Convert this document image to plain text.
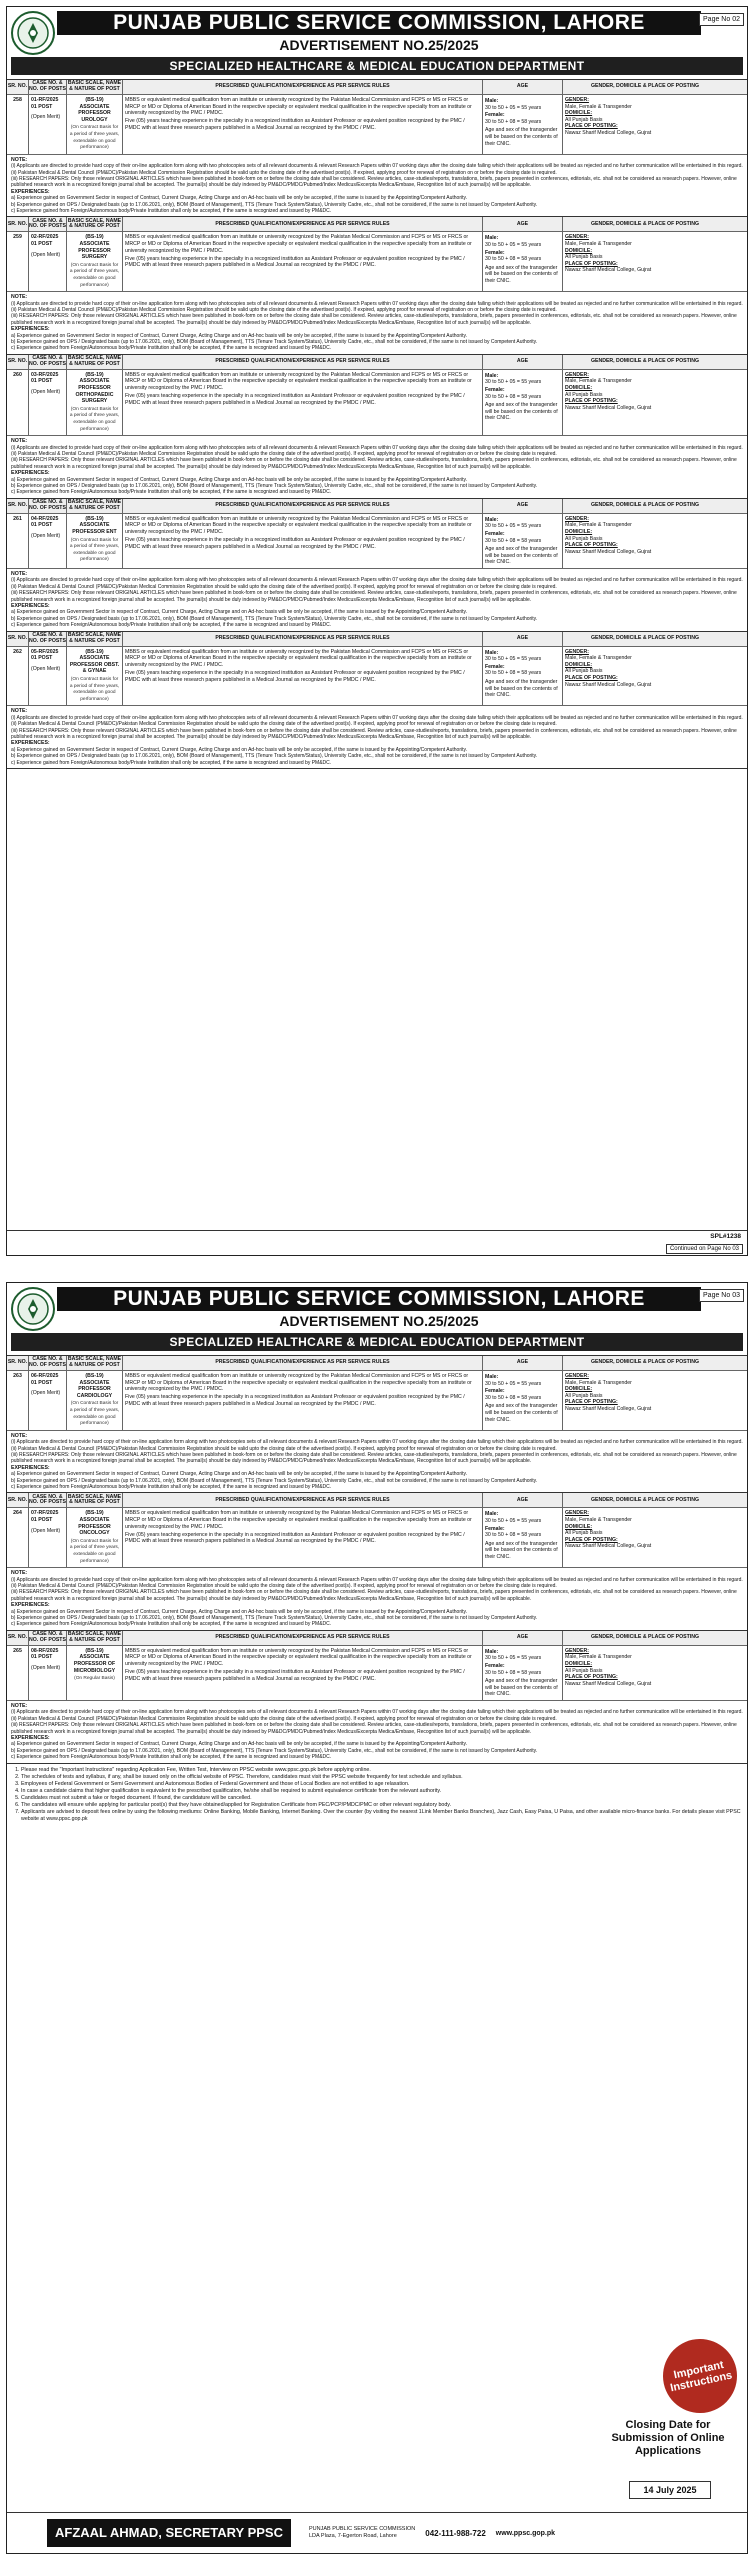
PUNJAB PUBLIC SERVICE COMMISSION, LAHORE	Page No 02
ADVERTISEMENT NO.25/2025
SPECIALIZED HEALTHCARE & MEDICAL EDUCATION DEPARTMENT
SR. NO.	CASE NO. & NO. OF POSTS
BASIC SCALE, NAME & NATURE OF POST	PRESCRIBED QUALIFICATION/EXPERIENCE AS PER SERVICE RULES	AGE	GENDER, DOMICILE & PLACE OF POSTING
258	01-RF/2025
01 POST
(Open Merit)
(BS-19)
ASSOCIATE PROFESSOR UROLOGY
(On Contract Basis for a period of three years, extendable on good performance)

MBBS or equivalent medical qualification from an institute or university recognized by the Pakistan Medical Commission and FCPS or MS or FRCS or MRCP or MD or Diploma of American Board in the respective specialty or equivalent medical qualification in the respective specialty from an institute or university recognized by the PMC / PMDC.

Five (05) years teaching experience in the specialty in a recognized institution as Assistant Professor or equivalent position recognized by the PMC / PMDC with at least three research papers published in a Medical Journal as recognized by the PMDC / PMC.

Male:
30 to 50 + 05 = 55 years
Female:
30 to 50 + 08 = 58 years
Age and sex of the transgender will be based on the contents of their CNIC.
GENDER:
Male, Female & Transgender
DOMICILE:
All Punjab Basis
PLACE OF POSTING:
Nawaz Sharif Medical College, Gujrat
NOTE:

(i) Applicants are directed to provide hard copy of their on-line application form along with two photocopies sets of all relevant documents & relevant Research Papers within 07 working days after the closing date failing which their applications will be treated as rejected and no further communication will be entertained in this regard.

(ii) Pakistan Medical & Dental Council (PM&DC)/Pakistan Medical Commission Registration should be valid upto the closing date of the advertised post(s). If expired, applying proof for renewal of registration on or before the closing date is required.

(iii) RESEARCH PAPERS: Only those relevant ORIGINAL ARTICLES which have been published in book-form on or before the closing date shall be considered. Review articles, case-studies/reports, translations, briefs, papers presented in conferences, editorials, etc. shall not be considered as research papers. However, online published research work in a recognized foreign journal shall be accepted. The journal(s) should be duly indexed by PM&DC/PMDC/Pubmed/Index Medicus/Excerpta Medica/Embase, Recognition list of such journal(s) will be applicable.

EXPERIENCES:

a) Experience gained on Government Sector in respect of Contract, Current Charge, Acting Charge and on Ad-hoc basis will be only be accepted, if the same is issued by the Appointing/Competent Authority.

b) Experience gained on OPS / Designated basis (up to 17.06.2021, only), BOM (Board of Management), TTS (Tenure Track System/Status), University Cadre, etc., shall not be considered, if the same is not issued by Competent Authority.

c) Experience gained from Foreign/Autonomous body/Private Institution shall only be accepted, if the same is recognized and issued by PM&DC.

SR. NO.	CASE NO. & NO. OF POSTS
BASIC SCALE, NAME & NATURE OF POST	PRESCRIBED QUALIFICATION/EXPERIENCE AS PER SERVICE RULES	AGE	GENDER, DOMICILE & PLACE OF POSTING
259	02-RF/2025
01 POST
(Open Merit)
(BS-19)
ASSOCIATE PROFESSOR SURGERY
(On Contract Basis for a period of three years, extendable on good performance)

MBBS or equivalent medical qualification from an institute or university recognized by the Pakistan Medical Commission and FCPS or MS or FRCS or MRCP or MD or Diploma of American Board in the respective specialty or equivalent medical qualification in the respective specialty from an institute or university recognized by the PMC / PMDC.

Five (05) years teaching experience in the specialty in a recognized institution as Assistant Professor or equivalent position recognized by the PMC / PMDC with at least three research papers published in a Medical Journal as recognized by the PMDC / PMC.

Male:
30 to 50 + 05 = 55 years
Female:
30 to 50 + 08 = 58 years
Age and sex of the transgender will be based on the contents of their CNIC.
GENDER:
Male, Female & Transgender
DOMICILE:
All Punjab Basis
PLACE OF POSTING:
Nawaz Sharif Medical College, Gujrat
NOTE:

(i) Applicants are directed to provide hard copy of their on-line application form along with two photocopies sets of all relevant documents & relevant Research Papers within 07 working days after the closing date failing which their applications will be treated as rejected and no further communication will be entertained in this regard.

(ii) Pakistan Medical & Dental Council (PM&DC)/Pakistan Medical Commission Registration should be valid upto the closing date of the advertised post(s). If expired, applying proof for renewal of registration on or before the closing date is required.

(iii) RESEARCH PAPERS: Only those relevant ORIGINAL ARTICLES which have been published in book-form on or before the closing date shall be considered. Review articles, case-studies/reports, translations, briefs, papers presented in conferences, editorials, etc. shall not be considered as research papers. However, online published research work in a recognized foreign journal shall be accepted. The journal(s) should be duly indexed by PM&DC/PMDC/Pubmed/Index Medicus/Excerpta Medica/Embase, Recognition list of such journal(s) will be applicable.

EXPERIENCES:

a) Experience gained on Government Sector in respect of Contract, Current Charge, Acting Charge and on Ad-hoc basis will be only be accepted, if the same is issued by the Appointing/Competent Authority.

b) Experience gained on OPS / Designated basis (up to 17.06.2021, only), BOM (Board of Management), TTS (Tenure Track System/Status), University Cadre, etc., shall not be considered, if the same is not issued by Competent Authority.

c) Experience gained from Foreign/Autonomous body/Private Institution shall only be accepted, if the same is recognized and issued by PM&DC.

SR. NO.	CASE NO. & NO. OF POSTS
BASIC SCALE, NAME & NATURE OF POST	PRESCRIBED QUALIFICATION/EXPERIENCE AS PER SERVICE RULES	AGE	GENDER, DOMICILE & PLACE OF POSTING
260	03-RF/2025
01 POST
(Open Merit)
(BS-19)
ASSOCIATE PROFESSOR ORTHOPAEDIC SURGERY
(On Contract Basis for a period of three years, extendable on good performance)

MBBS or equivalent medical qualification from an institute or university recognized by the Pakistan Medical Commission and FCPS or MS or FRCS or MRCP or MD or Diploma of American Board in the respective specialty or equivalent medical qualification in the respective specialty from an institute or university recognized by the PMC / PMDC.

Five (05) years teaching experience in the specialty in a recognized institution as Assistant Professor or equivalent position recognized by the PMC / PMDC with at least three research papers published in a Medical Journal as recognized by the PMDC / PMC.

Male:
30 to 50 + 05 = 55 years
Female:
30 to 50 + 08 = 58 years
Age and sex of the transgender will be based on the contents of their CNIC.
GENDER:
Male, Female & Transgender
DOMICILE:
All Punjab Basis
PLACE OF POSTING:
Nawaz Sharif Medical College, Gujrat
NOTE:

(i) Applicants are directed to provide hard copy of their on-line application form along with two photocopies sets of all relevant documents & relevant Research Papers within 07 working days after the closing date failing which their applications will be treated as rejected and no further communication will be entertained in this regard.

(ii) Pakistan Medical & Dental Council (PM&DC)/Pakistan Medical Commission Registration should be valid upto the closing date of the advertised post(s). If expired, applying proof for renewal of registration on or before the closing date is required.

(iii) RESEARCH PAPERS: Only those relevant ORIGINAL ARTICLES which have been published in book-form on or before the closing date shall be considered. Review articles, case-studies/reports, translations, briefs, papers presented in conferences, editorials, etc. shall not be considered as research papers. However, online published research work in a recognized foreign journal shall be accepted. The journal(s) should be duly indexed by PM&DC/PMDC/Pubmed/Index Medicus/Excerpta Medica/Embase, Recognition list of such journal(s) will be applicable.

EXPERIENCES:

a) Experience gained on Government Sector in respect of Contract, Current Charge, Acting Charge and on Ad-hoc basis will be only be accepted, if the same is issued by the Appointing/Competent Authority.

b) Experience gained on OPS / Designated basis (up to 17.06.2021, only), BOM (Board of Management), TTS (Tenure Track System/Status), University Cadre, etc., shall not be considered, if the same is not issued by Competent Authority.

c) Experience gained from Foreign/Autonomous body/Private Institution shall only be accepted, if the same is recognized and issued by PM&DC.

SR. NO.	CASE NO. & NO. OF POSTS
BASIC SCALE, NAME & NATURE OF POST	PRESCRIBED QUALIFICATION/EXPERIENCE AS PER SERVICE RULES	AGE	GENDER, DOMICILE & PLACE OF POSTING
261	04-RF/2025
01 POST
(Open Merit)
(BS-19)
ASSOCIATE PROFESSOR ENT
(On Contract Basis for a period of three years, extendable on good performance)

MBBS or equivalent medical qualification from an institute or university recognized by the Pakistan Medical Commission and FCPS or MS or FRCS or MRCP or MD or Diploma of American Board in the respective specialty or equivalent medical qualification in the respective specialty from an institute or university recognized by the PMC / PMDC.

Five (05) years teaching experience in the specialty in a recognized institution as Assistant Professor or equivalent position recognized by the PMC / PMDC with at least three research papers published in a Medical Journal as recognized by the PMDC / PMC.

Male:
30 to 50 + 05 = 55 years
Female:
30 to 50 + 08 = 58 years
Age and sex of the transgender will be based on the contents of their CNIC.
GENDER:
Male, Female & Transgender
DOMICILE:
All Punjab Basis
PLACE OF POSTING:
Nawaz Sharif Medical College, Gujrat
NOTE:

(i) Applicants are directed to provide hard copy of their on-line application form along with two photocopies sets of all relevant documents & relevant Research Papers within 07 working days after the closing date failing which their applications will be treated as rejected and no further communication will be entertained in this regard.

(ii) Pakistan Medical & Dental Council (PM&DC)/Pakistan Medical Commission Registration should be valid upto the closing date of the advertised post(s). If expired, applying proof for renewal of registration on or before the closing date is required.

(iii) RESEARCH PAPERS: Only those relevant ORIGINAL ARTICLES which have been published in book-form on or before the closing date shall be considered. Review articles, case-studies/reports, translations, briefs, papers presented in conferences, editorials, etc. shall not be considered as research papers. However, online published research work in a recognized foreign journal shall be accepted. The journal(s) should be duly indexed by PM&DC/PMDC/Pubmed/Index Medicus/Excerpta Medica/Embase, Recognition list of such journal(s) will be applicable.

EXPERIENCES:

a) Experience gained on Government Sector in respect of Contract, Current Charge, Acting Charge and on Ad-hoc basis will be only be accepted, if the same is issued by the Appointing/Competent Authority.

b) Experience gained on OPS / Designated basis (up to 17.06.2021, only), BOM (Board of Management), TTS (Tenure Track System/Status), University Cadre, etc., shall not be considered, if the same is not issued by Competent Authority.

c) Experience gained from Foreign/Autonomous body/Private Institution shall only be accepted, if the same is recognized and issued by PM&DC.

SR. NO.	CASE NO. & NO. OF POSTS
BASIC SCALE, NAME & NATURE OF POST	PRESCRIBED QUALIFICATION/EXPERIENCE AS PER SERVICE RULES	AGE	GENDER, DOMICILE & PLACE OF POSTING
262	05-RF/2025
01 POST
(Open Merit)
(BS-19)
ASSOCIATE PROFESSOR OBST. & GYNAE
(On Contract Basis for a period of three years, extendable on good performance)

MBBS or equivalent medical qualification from an institute or university recognized by the Pakistan Medical Commission and FCPS or MS or FRCS or MRCP or MD or Diploma of American Board in the respective specialty or equivalent medical qualification in the respective specialty from an institute or university recognized by the PMC / PMDC.

Five (05) years teaching experience in the specialty in a recognized institution as Assistant Professor or equivalent position recognized by the PMC / PMDC with at least three research papers published in a Medical Journal as recognized by the PMDC / PMC.

Male:
30 to 50 + 05 = 55 years
Female:
30 to 50 + 08 = 58 years
Age and sex of the transgender will be based on the contents of their CNIC.
GENDER:
Male, Female & Transgender
DOMICILE:
All Punjab Basis
PLACE OF POSTING:
Nawaz Sharif Medical College, Gujrat
NOTE:

(i) Applicants are directed to provide hard copy of their on-line application form along with two photocopies sets of all relevant documents & relevant Research Papers within 07 working days after the closing date failing which their applications will be treated as rejected and no further communication will be entertained in this regard.

(ii) Pakistan Medical & Dental Council (PM&DC)/Pakistan Medical Commission Registration should be valid upto the closing date of the advertised post(s). If expired, applying proof for renewal of registration on or before the closing date is required.

(iii) RESEARCH PAPERS: Only those relevant ORIGINAL ARTICLES which have been published in book-form on or before the closing date shall be considered. Review articles, case-studies/reports, translations, briefs, papers presented in conferences, editorials, etc. shall not be considered as research papers. However, online published research work in a recognized foreign journal shall be accepted. The journal(s) should be duly indexed by PM&DC/PMDC/Pubmed/Index Medicus/Excerpta Medica/Embase, Recognition list of such journal(s) will be applicable.

EXPERIENCES:

a) Experience gained on Government Sector in respect of Contract, Current Charge, Acting Charge and on Ad-hoc basis will be only be accepted, if the same is issued by the Appointing/Competent Authority.

b) Experience gained on OPS / Designated basis (up to 17.06.2021, only), BOM (Board of Management), TTS (Tenure Track System/Status), University Cadre, etc., shall not be considered, if the same is not issued by Competent Authority.

c) Experience gained from Foreign/Autonomous body/Private Institution shall only be accepted, if the same is recognized and issued by PM&DC.

SPL#1238
Continued on Page No 03
PUNJAB PUBLIC SERVICE COMMISSION, LAHORE	Page No 03
ADVERTISEMENT NO.25/2025
SPECIALIZED HEALTHCARE & MEDICAL EDUCATION DEPARTMENT
SR. NO.	CASE NO. & NO. OF POSTS
BASIC SCALE, NAME & NATURE OF POST	PRESCRIBED QUALIFICATION/EXPERIENCE AS PER SERVICE RULES	AGE	GENDER, DOMICILE & PLACE OF POSTING
263	06-RF/2025
01 POST
(Open Merit)
(BS-19)
ASSOCIATE PROFESSOR CARDIOLOGY
(On Contract Basis for a period of three years, extendable on good performance)

MBBS or equivalent medical qualification from an institute or university recognized by the Pakistan Medical Commission and FCPS or MS or FRCS or MRCP or MD or Diploma of American Board in the respective specialty or equivalent medical qualification in the respective specialty from an institute or university recognized by the PMC / PMDC.

Five (05) years teaching experience in the specialty in a recognized institution as Assistant Professor or equivalent position recognized by the PMC / PMDC with at least three research papers published in a Medical Journal as recognized by the PMDC / PMC.

Male:
30 to 50 + 05 = 55 years
Female:
30 to 50 + 08 = 58 years
Age and sex of the transgender will be based on the contents of their CNIC.
GENDER:
Male, Female & Transgender
DOMICILE:
All Punjab Basis
PLACE OF POSTING:
Nawaz Sharif Medical College, Gujrat
NOTE:

(i) Applicants are directed to provide hard copy of their on-line application form along with two photocopies sets of all relevant documents & relevant Research Papers within 07 working days after the closing date failing which their applications will be treated as rejected and no further communication will be entertained in this regard.

(ii) Pakistan Medical & Dental Council (PM&DC)/Pakistan Medical Commission Registration should be valid upto the closing date of the advertised post(s). If expired, applying proof for renewal of registration on or before the closing date is required.

(iii) RESEARCH PAPERS: Only those relevant ORIGINAL ARTICLES which have been published in book-form on or before the closing date shall be considered. Review articles, case-studies/reports, translations, briefs, papers presented in conferences, editorials, etc. shall not be considered as research papers. However, online published research work in a recognized foreign journal shall be accepted. The journal(s) should be duly indexed by PM&DC/PMDC/Pubmed/Index Medicus/Excerpta Medica/Embase, Recognition list of such journal(s) will be applicable.

EXPERIENCES:

a) Experience gained on Government Sector in respect of Contract, Current Charge, Acting Charge and on Ad-hoc basis will be only be accepted, if the same is issued by the Appointing/Competent Authority.

b) Experience gained on OPS / Designated basis (up to 17.06.2021, only), BOM (Board of Management), TTS (Tenure Track System/Status), University Cadre, etc., shall not be considered, if the same is not issued by Competent Authority.

c) Experience gained from Foreign/Autonomous body/Private Institution shall only be accepted, if the same is recognized and issued by PM&DC.

SR. NO.	CASE NO. & NO. OF POSTS
BASIC SCALE, NAME & NATURE OF POST	PRESCRIBED QUALIFICATION/EXPERIENCE AS PER SERVICE RULES	AGE	GENDER, DOMICILE & PLACE OF POSTING
264	07-RF/2025
01 POST
(Open Merit)
(BS-19)
ASSOCIATE PROFESSOR ONCOLOGY
(On Contract Basis for a period of three years, extendable on good performance)

MBBS or equivalent medical qualification from an institute or university recognized by the Pakistan Medical Commission and FCPS or MS or FRCS or MRCP or MD or Diploma of American Board in the respective specialty or equivalent medical qualification in the respective specialty from an institute or university recognized by the PMC / PMDC.

Five (05) years teaching experience in the specialty in a recognized institution as Assistant Professor or equivalent position recognized by the PMC / PMDC with at least three research papers published in a Medical Journal as recognized by the PMDC / PMC.

Male:
30 to 50 + 05 = 55 years
Female:
30 to 50 + 08 = 58 years
Age and sex of the transgender will be based on the contents of their CNIC.
GENDER:
Male, Female & Transgender
DOMICILE:
All Punjab Basis
PLACE OF POSTING:
Nawaz Sharif Medical College, Gujrat
NOTE:

(i) Applicants are directed to provide hard copy of their on-line application form along with two photocopies sets of all relevant documents & relevant Research Papers within 07 working days after the closing date failing which their applications will be treated as rejected and no further communication will be entertained in this regard.

(ii) Pakistan Medical & Dental Council (PM&DC)/Pakistan Medical Commission Registration should be valid upto the closing date of the advertised post(s). If expired, applying proof for renewal of registration on or before the closing date is required.

(iii) RESEARCH PAPERS: Only those relevant ORIGINAL ARTICLES which have been published in book-form on or before the closing date shall be considered. Review articles, case-studies/reports, translations, briefs, papers presented in conferences, editorials, etc. shall not be considered as research papers. However, online published research work in a recognized foreign journal shall be accepted. The journal(s) should be duly indexed by PM&DC/PMDC/Pubmed/Index Medicus/Excerpta Medica/Embase, Recognition list of such journal(s) will be applicable.

EXPERIENCES:

a) Experience gained on Government Sector in respect of Contract, Current Charge, Acting Charge and on Ad-hoc basis will be only be accepted, if the same is issued by the Appointing/Competent Authority.

b) Experience gained on OPS / Designated basis (up to 17.06.2021, only), BOM (Board of Management), TTS (Tenure Track System/Status), University Cadre, etc., shall not be considered, if the same is not issued by Competent Authority.

c) Experience gained from Foreign/Autonomous body/Private Institution shall only be accepted, if the same is recognized and issued by PM&DC.

SR. NO.	CASE NO. & NO. OF POSTS
BASIC SCALE, NAME & NATURE OF POST	PRESCRIBED QUALIFICATION/EXPERIENCE AS PER SERVICE RULES	AGE	GENDER, DOMICILE & PLACE OF POSTING
265	08-RF/2025
01 POST
(Open Merit)
(BS-19)
ASSOCIATE PROFESSOR OF MICROBIOLOGY
(On Regular Basis)

MBBS or equivalent medical qualification from an institute or university recognized by the Pakistan Medical Commission and FCPS or MS or FRCS or MRCP or MD or Diploma of American Board in the respective specialty or equivalent medical qualification in the respective specialty from an institute or university recognized by the PMC / PMDC.

Five (05) years teaching experience in the specialty in a recognized institution as Assistant Professor or equivalent position recognized by the PMC / PMDC with at least three research papers published in a Medical Journal as recognized by the PMDC / PMC.

Male:
30 to 50 + 05 = 55 years
Female:
30 to 50 + 08 = 58 years
Age and sex of the transgender will be based on the contents of their CNIC.
GENDER:
Male, Female & Transgender
DOMICILE:
All Punjab Basis
PLACE OF POSTING:
Nawaz Sharif Medical College, Gujrat
NOTE:

(i) Applicants are directed to provide hard copy of their on-line application form along with two photocopies sets of all relevant documents & relevant Research Papers within 07 working days after the closing date failing which their applications will be treated as rejected and no further communication will be entertained in this regard.

(ii) Pakistan Medical & Dental Council (PM&DC)/Pakistan Medical Commission Registration should be valid upto the closing date of the advertised post(s). If expired, applying proof for renewal of registration on or before the closing date is required.

(iii) RESEARCH PAPERS: Only those relevant ORIGINAL ARTICLES which have been published in book-form on or before the closing date shall be considered. Review articles, case-studies/reports, translations, briefs, papers presented in conferences, editorials, etc. shall not be considered as research papers. However, online published research work in a recognized foreign journal shall be accepted. The journal(s) should be duly indexed by PM&DC/PMDC/Pubmed/Index Medicus/Excerpta Medica/Embase, Recognition list of such journal(s) will be applicable.

EXPERIENCES:

a) Experience gained on Government Sector in respect of Contract, Current Charge, Acting Charge and on Ad-hoc basis will be only be accepted, if the same is issued by the Appointing/Competent Authority.

b) Experience gained on OPS / Designated basis (up to 17.06.2021, only), BOM (Board of Management), TTS (Tenure Track System/Status), University Cadre, etc., shall not be considered, if the same is not issued by Competent Authority.

c) Experience gained from Foreign/Autonomous body/Private Institution shall only be accepted, if the same is recognized and issued by PM&DC.

1. Please read the "Important Instructions" regarding Application Fee, Written Test, Interview on PPSC website www.ppsc.gop.pk before applying online.
2. The schedules of tests and syllabus, if any, shall be issued only on the official website of PPSC. Therefore, candidates must visit the PPSC website frequently for test schedule and syllabus.
3. Employees of Federal Government or Semi Government and Autonomous Bodies of Federal Government and those of Local Bodies are not entitled to age relaxation.
4. In case a candidate claims that higher qualification is equivalent to the prescribed qualification, he/she shall be required to submit equivalence certificate from the relevant authority.
5. Candidates must not submit a fake or forged document. If found, the candidature will be cancelled.
6. The candidates will ensure while applying for particular post(s) that they have obtained/applied for Registration Certificate from PEC/PCP/PMDC/PMC or other relevant regulatory body.
7. Applicants are advised to deposit fees online by using the following mediums: Online Banking, Mobile Banking, Internet Banking. Over the counter (by visiting the nearest 1Link Member Banks Branches), Jazz Cash, Easy Paisa, U Paisa, and other available micro-finance banks. For details please visit PPSC website at www.ppsc.gop.pk
Important Instructions
Closing Date for Submission of Online Applications
14 July 2025
AFZAAL AHMAD, SECRETARY PPSC	PUNJAB PUBLIC SERVICE COMMISSION
LDA Plaza, 7-Egerton Road, Lahore	042-111-988-722 www.ppsc.gop.pk
